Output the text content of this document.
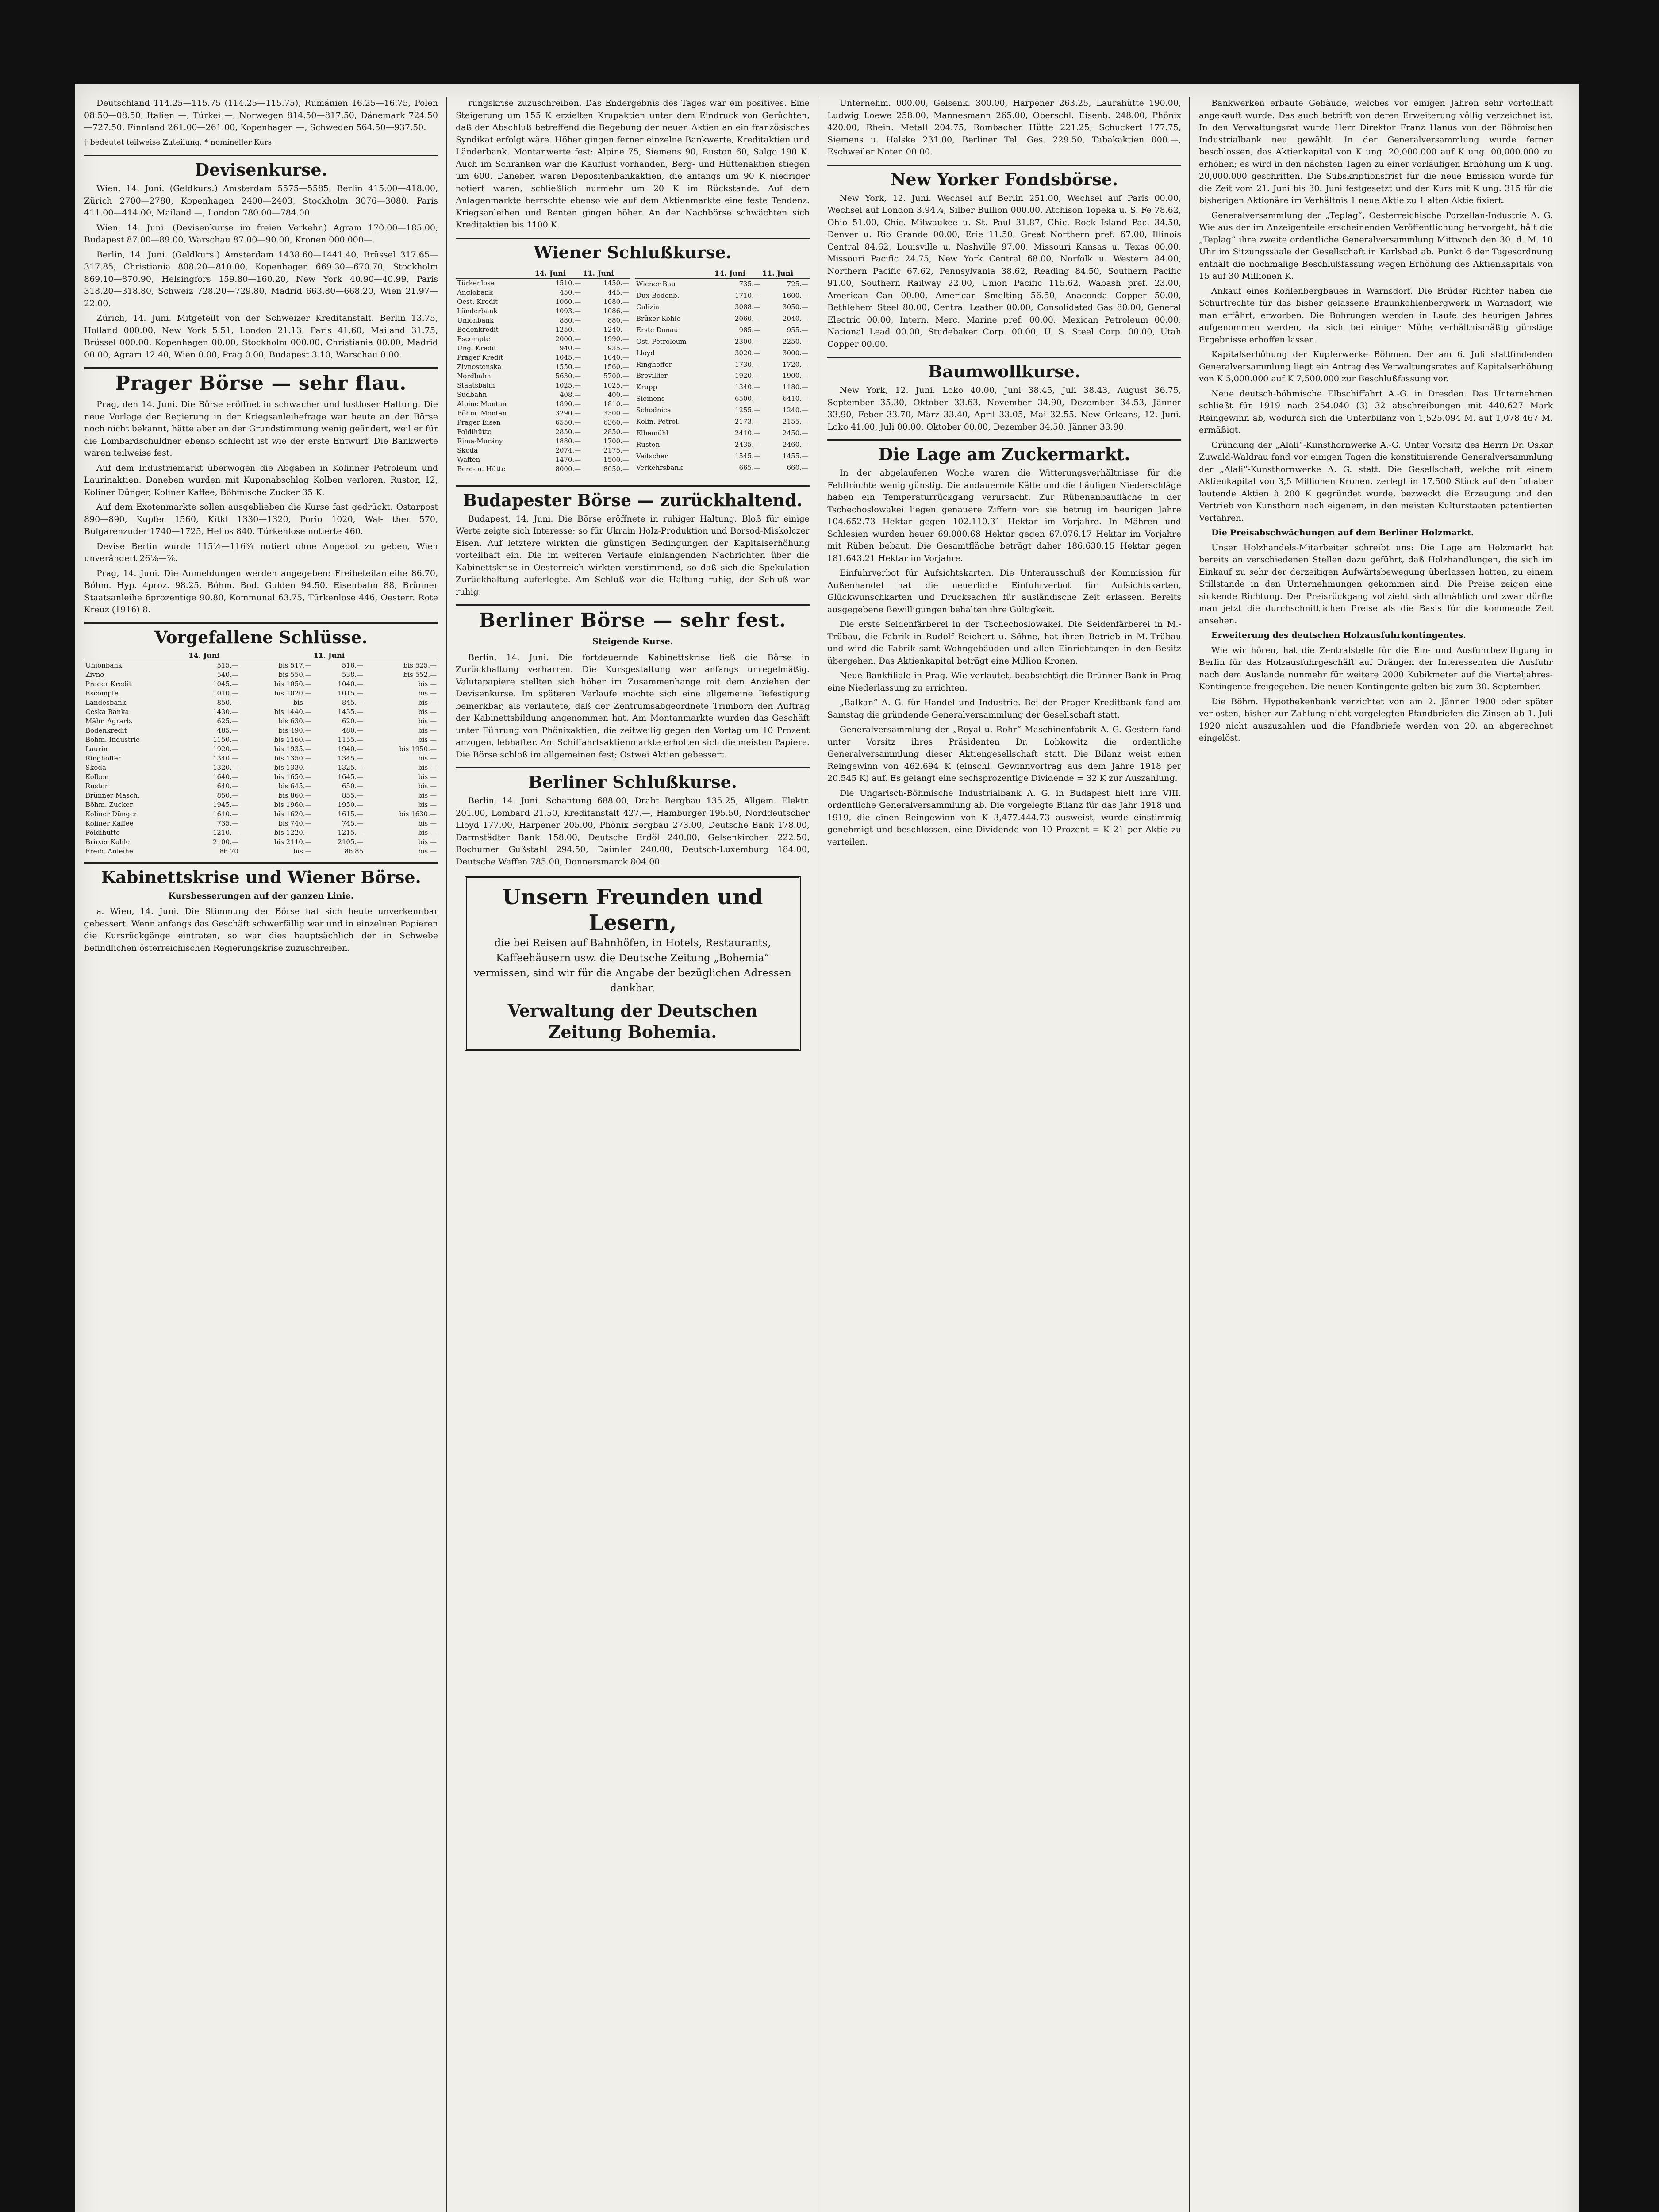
Deutschland 114.25—115.75 (114.25—115.75), Rumänien 16.25—16.75, Polen 08.50—08.50, Italien —, Türkei —, Norwegen 814.50—817.50, Dänemark 724.50—727.50, Finnland 261.00—261.00, Kopenhagen —, Schweden 564.50—937.50.

† bedeutet teilweise Zuteilung. * nomineller Kurs.

Devisenkurse.

Wien, 14. Juni. (Geldkurs.) Amsterdam 5575—5585, Berlin 415.00—418.00, Zürich 2700—2780, Kopenhagen 2400—2403, Stockholm 3076—3080, Paris 411.00—414.00, Mailand —, London 780.00—784.00.

Wien, 14. Juni. (Devisenkurse im freien Verkehr.) Agram 170.00—185.00, Budapest 87.00—89.00, Warschau 87.00—90.00, Kronen 000.000—.

Berlin, 14. Juni. (Geldkurs.) Amsterdam 1438.60—1441.40, Brüssel 317.65—317.85, Christiania 808.20—810.00, Kopenhagen 669.30—670.70, Stockholm 869.10—870.90, Helsingfors 159.80—160.20, New York 40.90—40.99, Paris 318.20—318.80, Schweiz 728.20—729.80, Madrid 663.80—668.20, Wien 21.97—22.00.

Zürich, 14. Juni. Mitgeteilt von der Schweizer Kreditanstalt. Berlin 13.75, Holland 000.00, New York 5.51, London 21.13, Paris 41.60, Mailand 31.75, Brüssel 000.00, Kopenhagen 00.00, Stockholm 000.00, Christiania 00.00, Madrid 00.00, Agram 12.40, Wien 0.00, Prag 0.00, Budapest 3.10, Warschau 0.00.

Prager Börse — sehr flau.

Prag, den 14. Juni. Die Börse eröffnet in schwacher und lustloser Haltung. Die neue Vorlage der Regierung in der Kriegsanleihefrage war heute an der Börse noch nicht bekannt, hätte aber an der Grundstimmung wenig geändert, weil er für die Lombardschuldner ebenso schlecht ist wie der erste Entwurf. Die Bankwerte waren teilweise fest.

Auf dem Industriemarkt überwogen die Abgaben in Kolinner Petroleum und Laurinaktien. Daneben wurden mit Kuponabschlag Kolben verloren, Ruston 12, Koliner Dünger, Koliner Kaffee, Böhmische Zucker 35 K.

Auf dem Exotenmarkte sollen ausgeblieben die Kurse fast gedrückt. Ostarpost 890—890, Kupfer 1560, Kitkl 1330—1320, Porio 1020, Wal- ther 570, Bulgarenzuder 1740—1725, Helios 840. Türkenlose notierte 460.

Devise Berlin wurde 115¼—116¾ notiert ohne Angebot zu geben, Wien unverändert 26⅛—⅞.

Prag, 14. Juni. Die Anmeldungen werden angegeben: Freibeteilanleihe 86.70, Böhm. Hyp. 4proz. 98.25, Böhm. Bod. Gulden 94.50, Eisenbahn 88, Brünner Staatsanleihe 6prozentige 90.80, Kommunal 63.75, Türkenlose 446, Oesterr. Rote Kreuz (1916) 8.

Vorgefallene Schlüsse.
	14. Juni		11. Juni	
Unionbank	515.—	bis 517.—	516.—	bis 525.—
Zivno	540.—	bis 550.—	538.—	bis 552.—
Prager Kredit	1045.—	bis 1050.—	1040.—	bis —
Escompte	1010.—	bis 1020.—	1015.—	bis —
Landesbank	850.—	bis —	845.—	bis —
Ceska Banka	1430.—	bis 1440.—	1435.—	bis —
Mähr. Agrarb.	625.—	bis 630.—	620.—	bis —
Bodenkredit	485.—	bis 490.—	480.—	bis —
Böhm. Industrie	1150.—	bis 1160.—	1155.—	bis —
Laurin	1920.—	bis 1935.—	1940.—	bis 1950.—
Ringhoffer	1340.—	bis 1350.—	1345.—	bis —
Skoda	1320.—	bis 1330.—	1325.—	bis —
Kolben	1640.—	bis 1650.—	1645.—	bis —
Ruston	640.—	bis 645.—	650.—	bis —
Brünner Masch.	850.—	bis 860.—	855.—	bis —
Böhm. Zucker	1945.—	bis 1960.—	1950.—	bis —
Koliner Dünger	1610.—	bis 1620.—	1615.—	bis 1630.—
Koliner Kaffee	735.—	bis 740.—	745.—	bis —
Poldihütte	1210.—	bis 1220.—	1215.—	bis —
Brüxer Kohle	2100.—	bis 2110.—	2105.—	bis —
Freib. Anleihe	86.70	bis —	86.85	bis —
Kabinettskrise und Wiener Börse.

Kursbesserungen auf der ganzen Linie.

a. Wien, 14. Juni. Die Stimmung der Börse hat sich heute unverkennbar gebessert. Wenn anfangs das Geschäft schwerfällig war und in einzelnen Papieren die Kursrückgänge eintraten, so war dies hauptsächlich der in Schwebe befindlichen österreichischen Regierungskrise zuzuschreiben.

rungskrise zuzuschreiben. Das Endergebnis des Tages war ein positives. Eine Steigerung um 155 K erzielten Krupaktien unter dem Eindruck von Gerüchten, daß der Abschluß betreffend die Begebung der neuen Aktien an ein französisches Syndikat erfolgt wäre. Höher gingen ferner einzelne Bankwerte, Kreditaktien und Länderbank. Montanwerte fest: Alpine 75, Siemens 90, Ruston 60, Salgo 190 K. Auch im Schranken war die Kauflust vorhanden, Berg- und Hüttenaktien stiegen um 600. Daneben waren Depositenbankaktien, die anfangs um 90 K niedriger notiert waren, schließlich nurmehr um 20 K im Rückstande. Auf dem Anlagenmarkte herrschte ebenso wie auf dem Aktienmarkte eine feste Tendenz. Kriegsanleihen und Renten gingen höher. An der Nachbörse schwächten sich Kreditaktien bis 1100 K.

Wiener Schlußkurse.
	14. Juni	11. Juni
Türkenlose	1510.—	1450.—
Anglobank	450.—	445.—
Oest. Kredit	1060.—	1080.—
Länderbank	1093.—	1086.—
Unionbank	880.—	880.—
Bodenkredit	1250.—	1240.—
Escompte	2000.—	1990.—
Ung. Kredit	940.—	935.—
Prager Kredit	1045.—	1040.—
Zivnostenska	1550.—	1560.—
Nordbahn	5630.—	5700.—
Staatsbahn	1025.—	1025.—
Südbahn	408.—	400.—
Alpine Montan	1890.—	1810.—
Böhm. Montan	3290.—	3300.—
Prager Eisen	6550.—	6360.—
Poldihütte	2850.—	2850.—
Rima-Muräny	1880.—	1700.—
Skoda	2074.—	2175.—
Waffen	1470.—	1500.—
Berg- u. Hütte	8000.—	8050.—
	14. Juni	11. Juni
Wiener Bau	735.—	725.—
Dux-Bodenb.	1710.—	1600.—
Galizia	3088.—	3050.—
Brüxer Kohle	2060.—	2040.—
Erste Donau	985.—	955.—
Ost. Petroleum	2300.—	2250.—
Lloyd	3020.—	3000.—
Ringhoffer	1730.—	1720.—
Brevillier	1920.—	1900.—
Krupp	1340.—	1180.—
Siemens	6500.—	6410.—
Schodnica	1255.—	1240.—
Kolin. Petrol.	2173.—	2155.—
Elbemühl	2410.—	2450.—
Ruston	2435.—	2460.—
Veitscher	1545.—	1455.—
Verkehrsbank	665.—	660.—
Budapester Börse — zurückhaltend.

Budapest, 14. Juni. Die Börse eröffnete in ruhiger Haltung. Bloß für einige Werte zeigte sich Interesse; so für Ukrain Holz-Produktion und Borsod-Miskolczer Eisen. Auf letztere wirkten die günstigen Bedingungen der Kapitalserhöhung vorteilhaft ein. Die im weiteren Verlaufe einlangenden Nachrichten über die Kabinettskrise in Oesterreich wirkten verstimmend, so daß sich die Spekulation Zurückhaltung auferlegte. Am Schluß war die Haltung ruhig, der Schluß war ruhig.

Berliner Börse — sehr fest.

Steigende Kurse.

Berlin, 14. Juni. Die fortdauernde Kabinettskrise ließ die Börse in Zurückhaltung verharren. Die Kursgestaltung war anfangs unregelmäßig. Valutapapiere stellten sich höher im Zusammenhange mit dem Anziehen der Devisenkurse. Im späteren Verlaufe machte sich eine allgemeine Befestigung bemerkbar, als verlautete, daß der Zentrumsabgeordnete Trimborn den Auftrag der Kabinettsbildung angenommen hat. Am Montanmarkte wurden das Geschäft unter Führung von Phönixaktien, die zeitweilig gegen den Vortag um 10 Prozent anzogen, lebhafter. Am Schiffahrtsaktienmarkte erholten sich die meisten Papiere. Die Börse schloß im allgemeinen fest; Ostwei Aktien gebessert.

Berliner Schlußkurse.

Berlin, 14. Juni. Schantung 688.00, Draht Bergbau 135.25, Allgem. Elektr. 201.00, Lombard 21.50, Kreditanstalt 427.—, Hamburger 195.50, Norddeutscher Lloyd 177.00, Harpener 205.00, Phönix Bergbau 273.00, Deutsche Bank 178.00, Darmstädter Bank 158.00, Deutsche Erdöl 240.00, Gelsenkirchen 222.50, Bochumer Gußstahl 294.50, Daimler 240.00, Deutsch-Luxemburg 184.00, Deutsche Waffen 785.00, Donnersmarck 804.00.

Unsern Freunden und Lesern,
die bei Reisen auf Bahnhöfen, in Hotels, Restaurants, Kaffeehäusern usw. die Deutsche Zeitung „Bohemia“ vermissen, sind wir für die Angabe der bezüglichen Adressen dankbar.
Verwaltung der Deutschen Zeitung Bohemia.

Unternehm. 000.00, Gelsenk. 300.00, Harpener 263.25, Laurahütte 190.00, Ludwig Loewe 258.00, Mannesmann 265.00, Oberschl. Eisenb. 248.00, Phönix 420.00, Rhein. Metall 204.75, Rombacher Hütte 221.25, Schuckert 177.75, Siemens u. Halske 231.00, Berliner Tel. Ges. 229.50, Tabakaktien 000.—, Eschweiler Noten 00.00.

New Yorker Fondsbörse.

New York, 12. Juni. Wechsel auf Berlin 251.00, Wechsel auf Paris 00.00, Wechsel auf London 3.94¼, Silber Bullion 000.00, Atchison Topeka u. S. Fe 78.62, Ohio 51.00, Chic. Milwaukee u. St. Paul 31.87, Chic. Rock Island Pac. 34.50, Denver u. Rio Grande 00.00, Erie 11.50, Great Northern pref. 67.00, Illinois Central 84.62, Louisville u. Nashville 97.00, Missouri Kansas u. Texas 00.00, Missouri Pacific 24.75, New York Central 68.00, Norfolk u. Western 84.00, Northern Pacific 67.62, Pennsylvania 38.62, Reading 84.50, Southern Pacific 91.00, Southern Railway 22.00, Union Pacific 115.62, Wabash pref. 23.00, American Can 00.00, American Smelting 56.50, Anaconda Copper 50.00, Bethlehem Steel 80.00, Central Leather 00.00, Consolidated Gas 80.00, General Electric 00.00, Intern. Merc. Marine pref. 00.00, Mexican Petroleum 00.00, National Lead 00.00, Studebaker Corp. 00.00, U. S. Steel Corp. 00.00, Utah Copper 00.00.

Baumwollkurse.

New York, 12. Juni. Loko 40.00, Juni 38.45, Juli 38.43, August 36.75, September 35.30, Oktober 33.63, November 34.90, Dezember 34.53, Jänner 33.90, Feber 33.70, März 33.40, April 33.05, Mai 32.55. New Orleans, 12. Juni. Loko 41.00, Juli 00.00, Oktober 00.00, Dezember 34.50, Jänner 33.90.

Die Lage am Zuckermarkt.

In der abgelaufenen Woche waren die Witterungsverhältnisse für die Feldfrüchte wenig günstig. Die andauernde Kälte und die häufigen Niederschläge haben ein Temperaturrückgang verursacht. Zur Rübenanbaufläche in der Tschechoslowakei liegen genauere Ziffern vor: sie betrug im heurigen Jahre 104.652.73 Hektar gegen 102.110.31 Hektar im Vorjahre. In Mähren und Schlesien wurden heuer 69.000.68 Hektar gegen 67.076.17 Hektar im Vorjahre mit Rüben bebaut. Die Gesamtfläche beträgt daher 186.630.15 Hektar gegen 181.643.21 Hektar im Vorjahre.

Einfuhrverbot für Aufsichtskarten. Die Unterausschuß der Kommission für Außenhandel hat die neuerliche Einfuhrverbot für Aufsichtskarten, Glückwunschkarten und Drucksachen für ausländische Zeit erlassen. Bereits ausgegebene Bewilligungen behalten ihre Gültigkeit.

Die erste Seidenfärberei in der Tschechoslowakei. Die Seidenfärberei in M.-Trübau, die Fabrik in Rudolf Reichert u. Söhne, hat ihren Betrieb in M.-Trübau und wird die Fabrik samt Wohngebäuden und allen Einrichtungen in den Besitz übergehen. Das Aktienkapital beträgt eine Million Kronen.

Neue Bankfiliale in Prag. Wie verlautet, beabsichtigt die Brünner Bank in Prag eine Niederlassung zu errichten.

„Balkan“ A. G. für Handel und Industrie. Bei der Prager Kreditbank fand am Samstag die gründende Generalversammlung der Gesellschaft statt.

Generalversammlung der „Royal u. Rohr“ Maschinenfabrik A. G. Gestern fand unter Vorsitz ihres Präsidenten Dr. Lobkowitz die ordentliche Generalversammlung dieser Aktiengesellschaft statt. Die Bilanz weist einen Reingewinn von 462.694 K (einschl. Gewinnvortrag aus dem Jahre 1918 per 20.545 K) auf. Es gelangt eine sechsprozentige Dividende = 32 K zur Auszahlung.

Die Ungarisch-Böhmische Industrialbank A. G. in Budapest hielt ihre VIII. ordentliche Generalversammlung ab. Die vorgelegte Bilanz für das Jahr 1918 und 1919, die einen Reingewinn von K 3,477.444.73 ausweist, wurde einstimmig genehmigt und beschlossen, eine Dividende von 10 Prozent = K 21 per Aktie zu verteilen.

Bankwerken erbaute Gebäude, welches vor einigen Jahren sehr vorteilhaft angekauft wurde. Das auch betrifft von deren Erweiterung völlig verzeichnet ist. In den Verwaltungsrat wurde Herr Direktor Franz Hanus von der Böhmischen Industrialbank neu gewählt. In der Generalversammlung wurde ferner beschlossen, das Aktienkapital von K ung. 20,000.000 auf K ung. 00,000.000 zu erhöhen; es wird in den nächsten Tagen zu einer vorläufigen Erhöhung um K ung. 20,000.000 geschritten. Die Subskriptionsfrist für die neue Emission wurde für die Zeit vom 21. Juni bis 30. Juni festgesetzt und der Kurs mit K ung. 315 für die bisherigen Aktionäre im Verhältnis 1 neue Aktie zu 1 alten Aktie fixiert.

Generalversammlung der „Teplag“, Oesterreichische Porzellan-Industrie A. G. Wie aus der im Anzeigenteile erscheinenden Veröffentlichung hervorgeht, hält die „Teplag“ ihre zweite ordentliche Generalversammlung Mittwoch den 30. d. M. 10 Uhr im Sitzungssaale der Gesellschaft in Karlsbad ab. Punkt 6 der Tagesordnung enthält die nochmalige Beschlußfassung wegen Erhöhung des Aktienkapitals von 15 auf 30 Millionen K.

Ankauf eines Kohlenbergbaues in Warnsdorf. Die Brüder Richter haben die Schurfrechte für das bisher gelassene Braunkohlenbergwerk in Warnsdorf, wie man erfährt, erworben. Die Bohrungen werden in Laufe des heurigen Jahres aufgenommen werden, da sich bei einiger Mühe verhältnismäßig günstige Ergebnisse erhoffen lassen.

Kapitalserhöhung der Kupferwerke Böhmen. Der am 6. Juli stattfindenden Generalversammlung liegt ein Antrag des Verwaltungsrates auf Kapitalserhöhung von K 5,000.000 auf K 7,500.000 zur Beschlußfassung vor.

Neue deutsch-böhmische Elbschiffahrt A.-G. in Dresden. Das Unternehmen schließt für 1919 nach 254.040 (3) 32 abschreibungen mit 440.627 Mark Reingewinn ab, wodurch sich die Unterbilanz von 1,525.094 M. auf 1,078.467 M. ermäßigt.

Gründung der „Alali“-Kunsthornwerke A.-G. Unter Vorsitz des Herrn Dr. Oskar Zuwald-Waldrau fand vor einigen Tagen die konstituierende Generalversammlung der „Alali“-Kunsthornwerke A. G. statt. Die Gesellschaft, welche mit einem Aktienkapital von 3,5 Millionen Kronen, zerlegt in 17.500 Stück auf den Inhaber lautende Aktien à 200 K gegründet wurde, bezweckt die Erzeugung und den Vertrieb von Kunsthorn nach eigenem, in den meisten Kulturstaaten patentierten Verfahren.

Die Preisabschwächungen auf dem Berliner Holzmarkt.

Unser Holzhandels-Mitarbeiter schreibt uns: Die Lage am Holzmarkt hat bereits an verschiedenen Stellen dazu geführt, daß Holzhandlungen, die sich im Einkauf zu sehr der derzeitigen Aufwärtsbewegung überlassen hatten, zu einem Stillstande in den Unternehmungen gekommen sind. Die Preise zeigen eine sinkende Richtung. Der Preisrückgang vollzieht sich allmählich und zwar dürfte man jetzt die durchschnittlichen Preise als die Basis für die kommende Zeit ansehen.

Erweiterung des deutschen Holzausfuhrkontingentes.

Wie wir hören, hat die Zentralstelle für die Ein- und Ausfuhrbewilligung in Berlin für das Holzausfuhrgeschäft auf Drängen der Interessenten die Ausfuhr nach dem Auslande nunmehr für weitere 2000 Kubikmeter auf die Vierteljahres-Kontingente freigegeben. Die neuen Kontingente gelten bis zum 30. September.

Die Böhm. Hypothekenbank verzichtet von am 2. Jänner 1900 oder später verlosten, bisher zur Zahlung nicht vorgelegten Pfandbriefen die Zinsen ab 1. Juli 1920 nicht auszuzahlen und die Pfandbriefe werden von 20. an abgerechnet eingelöst.
